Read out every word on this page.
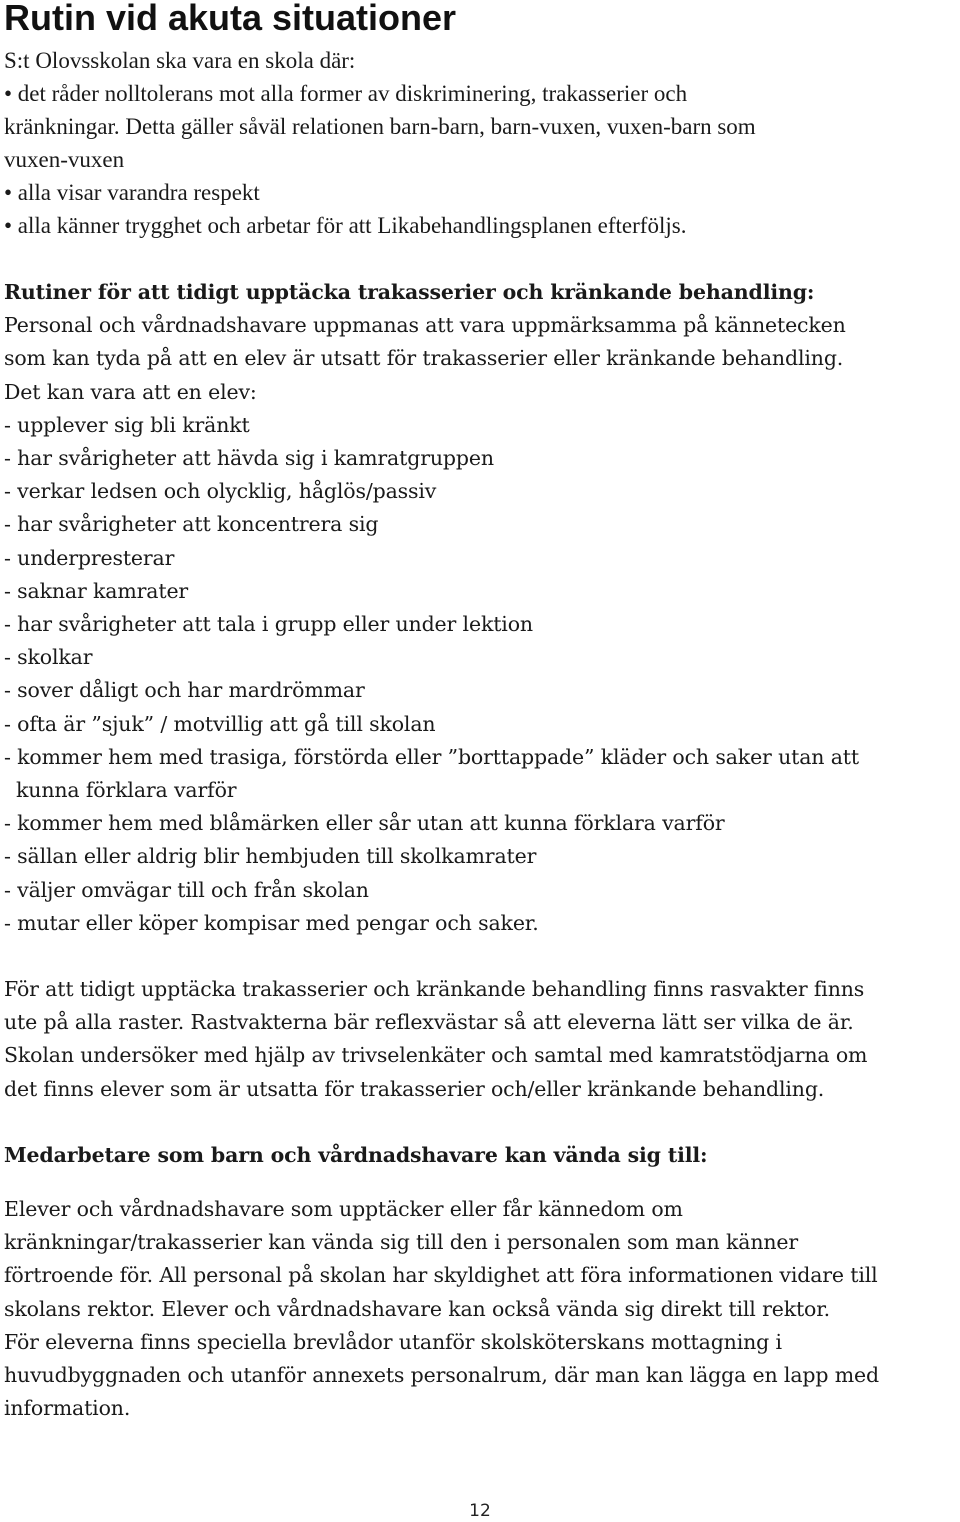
Rutin vid akuta situationer

S:t Olovsskolan ska vara en skola där:

• det råder nolltolerans mot alla former av diskriminering, trakasserier och

kränkningar. Detta gäller såväl relationen barn-barn, barn-vuxen, vuxen-barn som

vuxen-vuxen

• alla visar varandra respekt

• alla känner trygghet och arbetar för att Likabehandlingsplanen efterföljs.

Rutiner för att tidigt upptäcka trakasserier och kränkande behandling:

Personal och vårdnadshavare uppmanas att vara uppmärksamma på kännetecken

som kan tyda på att en elev är utsatt för trakasserier eller kränkande behandling.

Det kan vara att en elev:

- upplever sig bli kränkt

- har svårigheter att hävda sig i kamratgruppen

- verkar ledsen och olycklig, håglös/passiv

- har svårigheter att koncentrera sig

- underpresterar

- saknar kamrater

- har svårigheter att tala i grupp eller under lektion

- skolkar

- sover dåligt och har mardrömmar

- ofta är ”sjuk” / motvillig att gå till skolan

- kommer hem med trasiga, förstörda eller ”borttappade” kläder och saker utan att

kunna förklara varför

- kommer hem med blåmärken eller sår utan att kunna förklara varför

- sällan eller aldrig blir hembjuden till skolkamrater

- väljer omvägar till och från skolan

- mutar eller köper kompisar med pengar och saker.

För att tidigt upptäcka trakasserier och kränkande behandling finns rasvakter finns

ute på alla raster. Rastvakterna bär reflexvästar så att eleverna lätt ser vilka de är.

Skolan undersöker med hjälp av trivselenkäter och samtal med kamratstödjarna om

det finns elever som är utsatta för trakasserier och/eller kränkande behandling.

Medarbetare som barn och vårdnadshavare kan vända sig till:

Elever och vårdnadshavare som upptäcker eller får kännedom om

kränkningar/trakasserier kan vända sig till den i personalen som man känner

förtroende för. All personal på skolan har skyldighet att föra informationen vidare till

skolans rektor. Elever och vårdnadshavare kan också vända sig direkt till rektor.

För eleverna finns speciella brevlådor utanför skolsköterskans mottagning i

huvudbyggnaden och utanför annexets personalrum, där man kan lägga en lapp med

information.

12
